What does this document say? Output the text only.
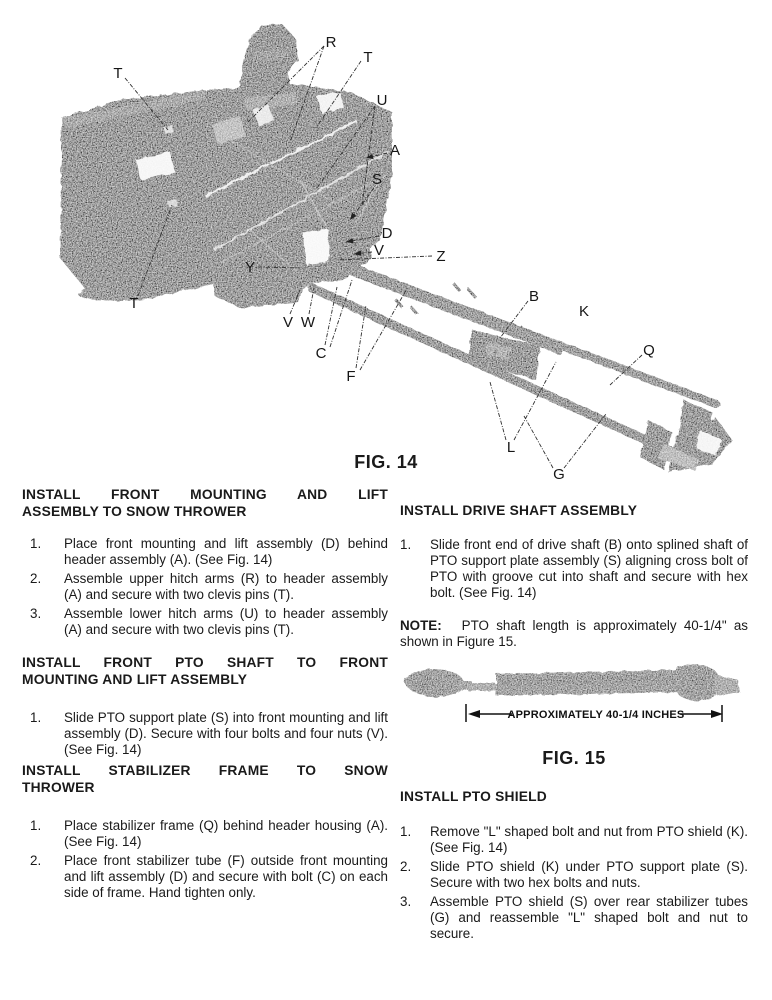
T
R
T
U
A
S
D
V	Z
Y
T
V W
C
F
B
K
Q
L
G
FIG. 14
INSTALL FRONT MOUNTING AND LIFT
ASSEMBLY TO SNOW THROWER
1.	Place front mounting and lift assembly (D) behind header assembly (A). (See Fig. 14)
2.	Assemble upper hitch arms (R) to header assembly (A) and secure with two clevis pins (T).
3.	Assemble lower hitch arms (U) to header assembly (A) and secure with two clevis pins (T).
INSTALL FRONT PTO SHAFT TO FRONT
MOUNTING AND LIFT ASSEMBLY
1.	Slide PTO support plate (S) into front mounting and lift assembly (D). Secure with four bolts and four nuts (V). (See Fig. 14)
INSTALL STABILIZER FRAME TO SNOW
THROWER
1.	Place stabilizer frame (Q) behind header housing (A). (See Fig. 14)
2.	Place front stabilizer tube (F) outside front mounting and lift assembly (D) and secure with bolt (C) on each side of frame. Hand tighten only.
INSTALL DRIVE SHAFT ASSEMBLY
1.	Slide front end of drive shaft (B) onto splined shaft of PTO support plate assembly (S) aligning cross bolt of PTO with groove cut into shaft and secure with hex bolt. (See Fig. 14)

NOTE: PTO shaft length is approximately 40-1/4" as shown in Figure 15.

APPROXIMATELY 40-1/4 INCHES
FIG. 15
INSTALL PTO SHIELD
1.	Remove "L" shaped bolt and nut from PTO shield (K). (See Fig. 14)
2.	Slide PTO shield (K) under PTO support plate (S). Secure with two hex bolts and nuts.
3.	Assemble PTO shield (S) over rear stabilizer tubes (G) and reassemble "L" shaped bolt and nut to secure.
